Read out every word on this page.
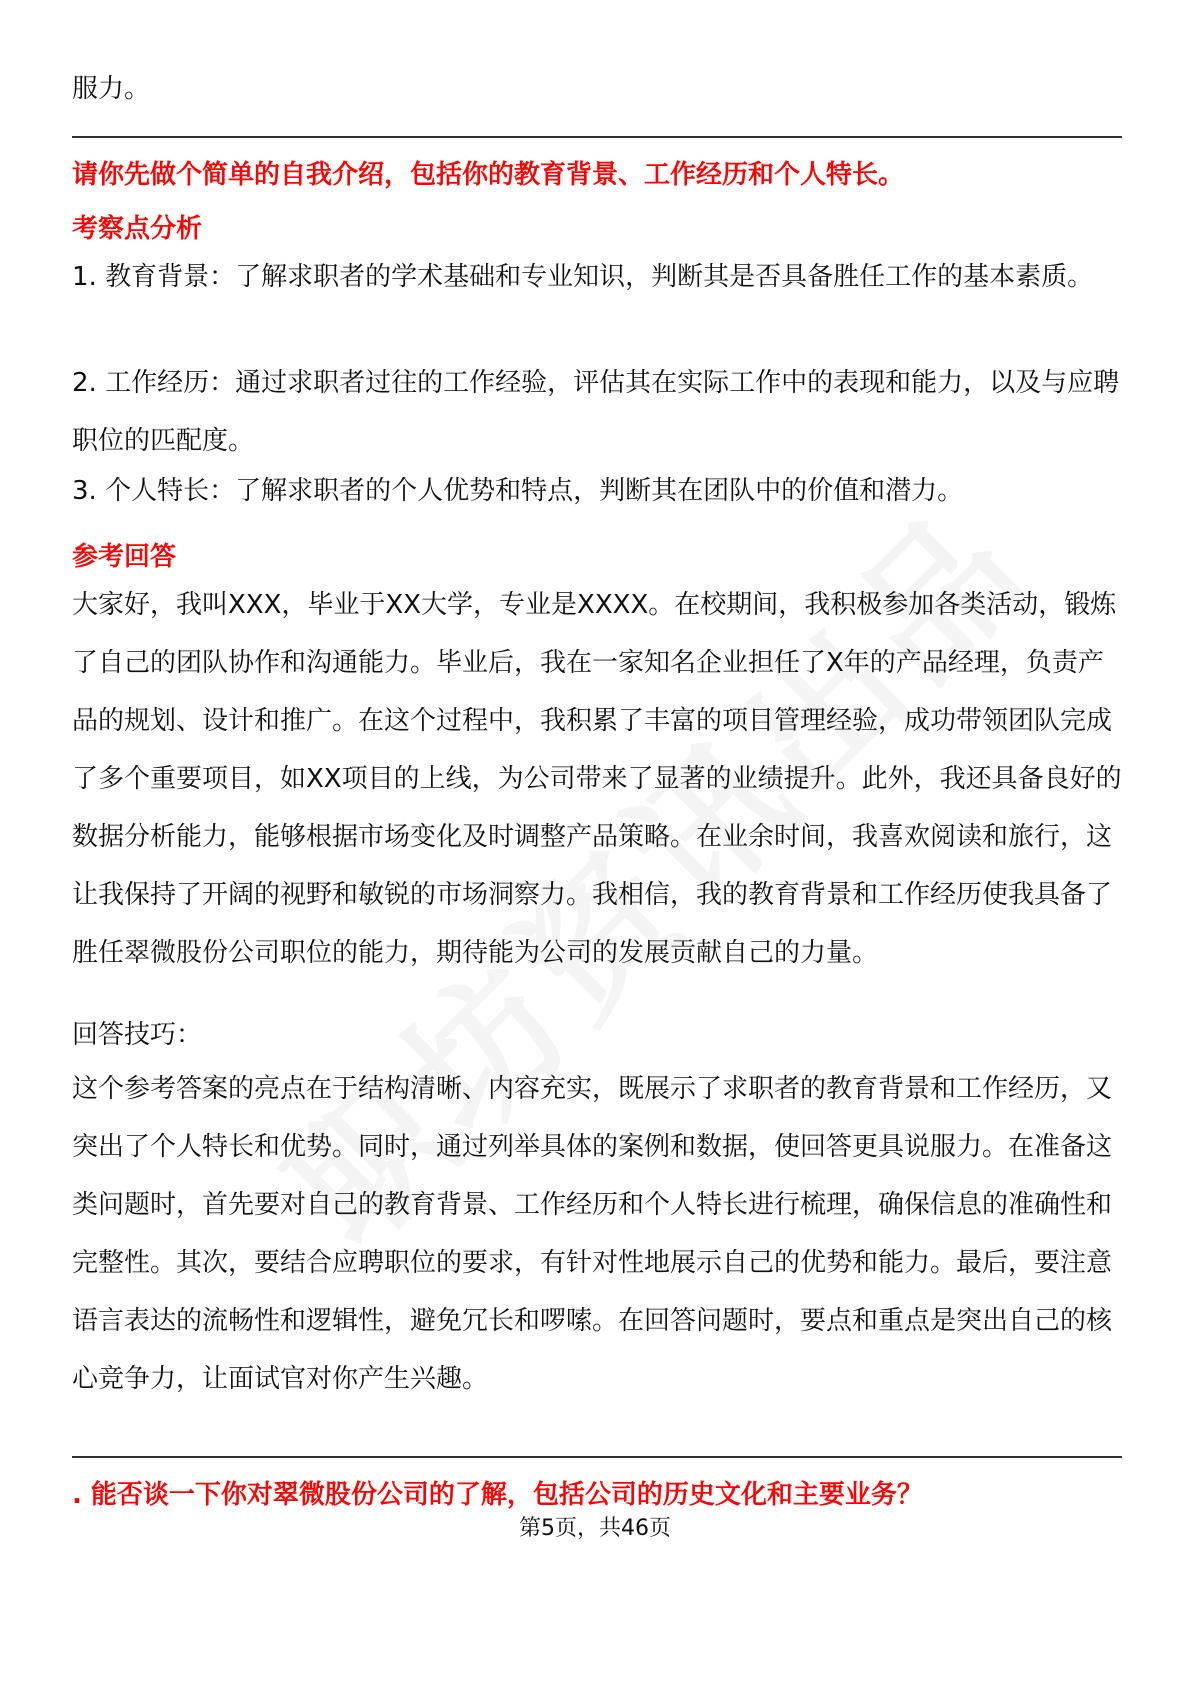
服力。

请你先做个简单的自我介绍，包括你的教育背景、工作经历和个人特长。

考察点分析

1. 教育背景：了解求职者的学术基础和专业知识，判断其是否具备胜任工作的基本素质。

2. 工作经历：通过求职者过往的工作经验，评估其在实际工作中的表现和能力，以及与应聘职位的匹配度。

3. 个人特长：了解求职者的个人优势和特点，判断其在团队中的价值和潜力。

参考回答

大家好，我叫XXX，毕业于XX大学，专业是XXXX。在校期间，我积极参加各类活动，锻炼了自己的团队协作和沟通能力。毕业后，我在一家知名企业担任了X年的产品经理，负责产品的规划、设计和推广。在这个过程中，我积累了丰富的项目管理经验，成功带领团队完成了多个重要项目，如XX项目的上线，为公司带来了显著的业绩提升。此外，我还具备良好的数据分析能力，能够根据市场变化及时调整产品策略。在业余时间，我喜欢阅读和旅行，这让我保持了开阔的视野和敏锐的市场洞察力。我相信，我的教育背景和工作经历使我具备了胜任翠微股份公司职位的能力，期待能为公司的发展贡献自己的力量。

回答技巧：

这个参考答案的亮点在于结构清晰、内容充实，既展示了求职者的教育背景和工作经历，又突出了个人特长和优势。同时，通过列举具体的案例和数据，使回答更具说服力。在准备这类问题时，首先要对自己的教育背景、工作经历和个人特长进行梳理，确保信息的准确性和完整性。其次，要结合应聘职位的要求，有针对性地展示自己的优势和能力。最后，要注意语言表达的流畅性和逻辑性，避免冗长和啰嗦。在回答问题时，要点和重点是突出自己的核心竞争力，让面试官对你产生兴趣。

. 能否谈一下你对翠微股份公司的了解，包括公司的历史文化和主要业务？

第5页，共46页
